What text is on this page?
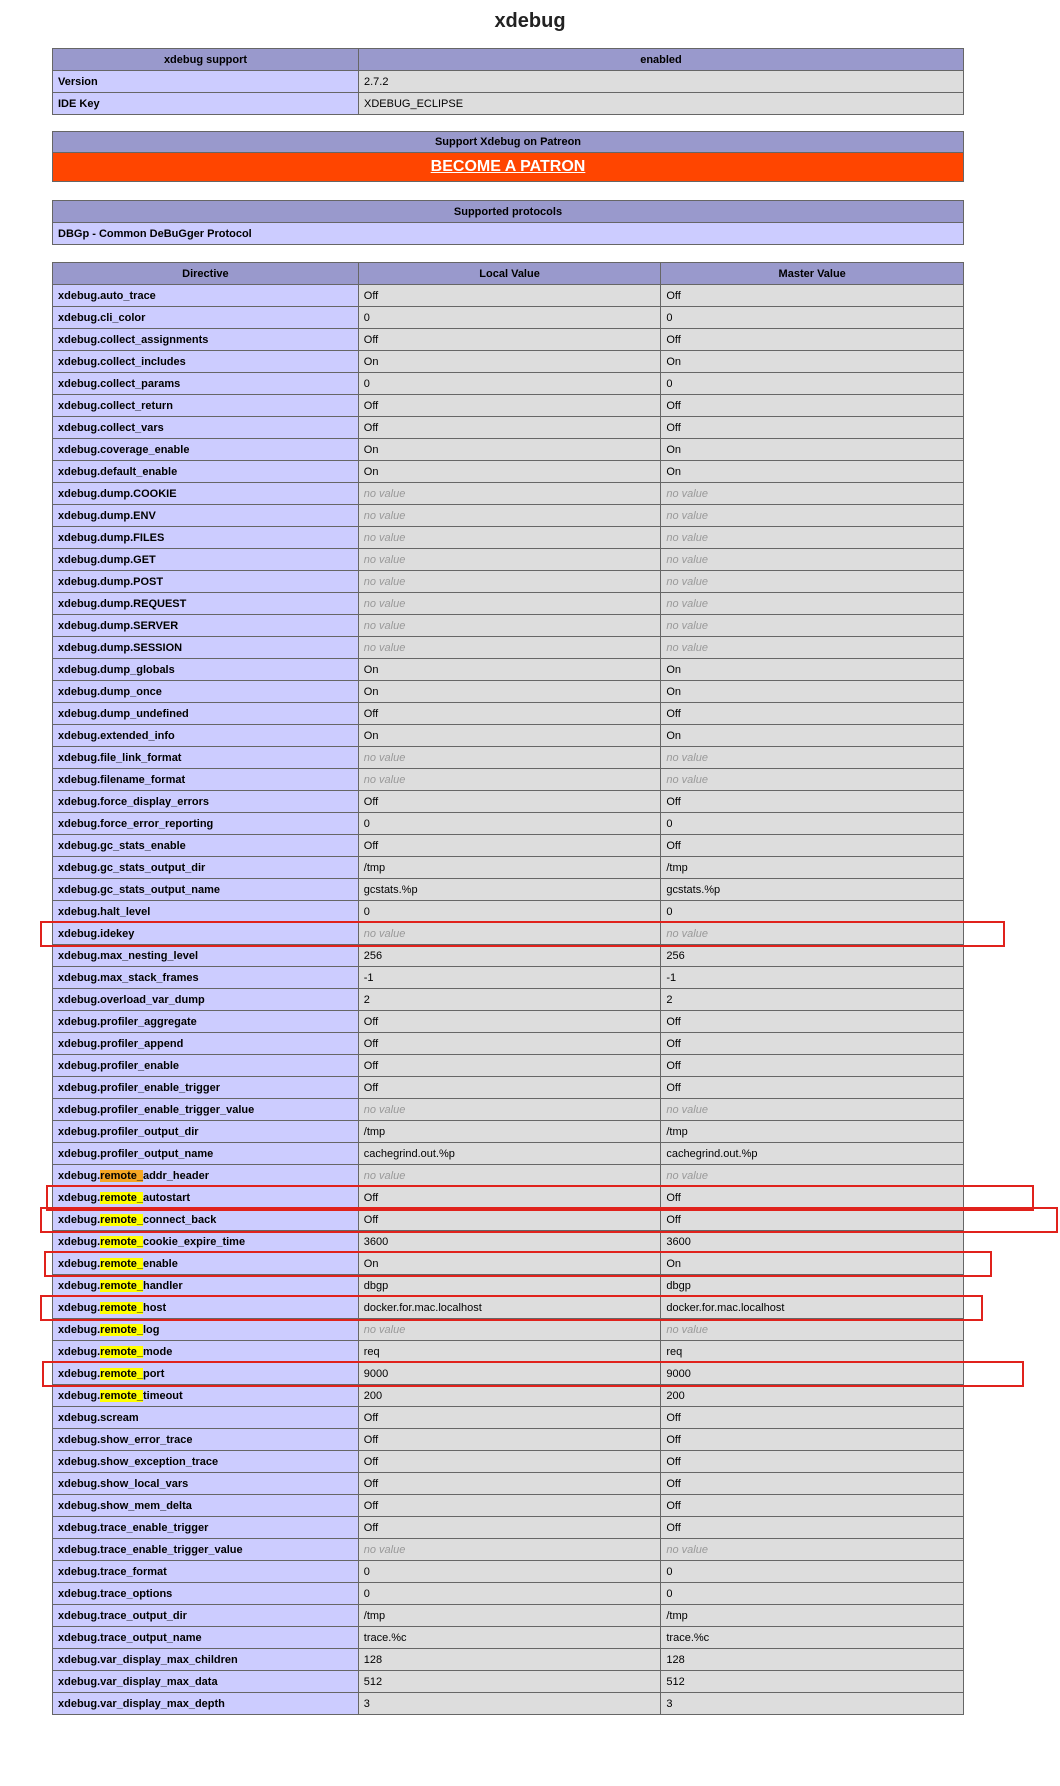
xdebug
xdebug support	enabled
Version	2.7.2
IDE Key	XDEBUG_ECLIPSE
Support Xdebug on Patreon
BECOME A PATRON
Supported protocols
DBGp - Common DeBuGger Protocol
Directive	Local Value	Master Value
xdebug.auto_trace	Off	Off
xdebug.cli_color	0	0
xdebug.collect_assignments	Off	Off
xdebug.collect_includes	On	On
xdebug.collect_params	0	0
xdebug.collect_return	Off	Off
xdebug.collect_vars	Off	Off
xdebug.coverage_enable	On	On
xdebug.default_enable	On	On
xdebug.dump.COOKIE	no value	no value
xdebug.dump.ENV	no value	no value
xdebug.dump.FILES	no value	no value
xdebug.dump.GET	no value	no value
xdebug.dump.POST	no value	no value
xdebug.dump.REQUEST	no value	no value
xdebug.dump.SERVER	no value	no value
xdebug.dump.SESSION	no value	no value
xdebug.dump_globals	On	On
xdebug.dump_once	On	On
xdebug.dump_undefined	Off	Off
xdebug.extended_info	On	On
xdebug.file_link_format	no value	no value
xdebug.filename_format	no value	no value
xdebug.force_display_errors	Off	Off
xdebug.force_error_reporting	0	0
xdebug.gc_stats_enable	Off	Off
xdebug.gc_stats_output_dir	/tmp	/tmp
xdebug.gc_stats_output_name	gcstats.%p	gcstats.%p
xdebug.halt_level	0	0
xdebug.idekey	no value	no value
xdebug.max_nesting_level	256	256
xdebug.max_stack_frames	-1	-1
xdebug.overload_var_dump	2	2
xdebug.profiler_aggregate	Off	Off
xdebug.profiler_append	Off	Off
xdebug.profiler_enable	Off	Off
xdebug.profiler_enable_trigger	Off	Off
xdebug.profiler_enable_trigger_value	no value	no value
xdebug.profiler_output_dir	/tmp	/tmp
xdebug.profiler_output_name	cachegrind.out.%p	cachegrind.out.%p
xdebug.remote_addr_header	no value	no value
xdebug.remote_autostart	Off	Off
xdebug.remote_connect_back	Off	Off
xdebug.remote_cookie_expire_time	3600	3600
xdebug.remote_enable	On	On
xdebug.remote_handler	dbgp	dbgp
xdebug.remote_host	docker.for.mac.localhost	docker.for.mac.localhost
xdebug.remote_log	no value	no value
xdebug.remote_mode	req	req
xdebug.remote_port	9000	9000
xdebug.remote_timeout	200	200
xdebug.scream	Off	Off
xdebug.show_error_trace	Off	Off
xdebug.show_exception_trace	Off	Off
xdebug.show_local_vars	Off	Off
xdebug.show_mem_delta	Off	Off
xdebug.trace_enable_trigger	Off	Off
xdebug.trace_enable_trigger_value	no value	no value
xdebug.trace_format	0	0
xdebug.trace_options	0	0
xdebug.trace_output_dir	/tmp	/tmp
xdebug.trace_output_name	trace.%c	trace.%c
xdebug.var_display_max_children	128	128
xdebug.var_display_max_data	512	512
xdebug.var_display_max_depth	3	3
